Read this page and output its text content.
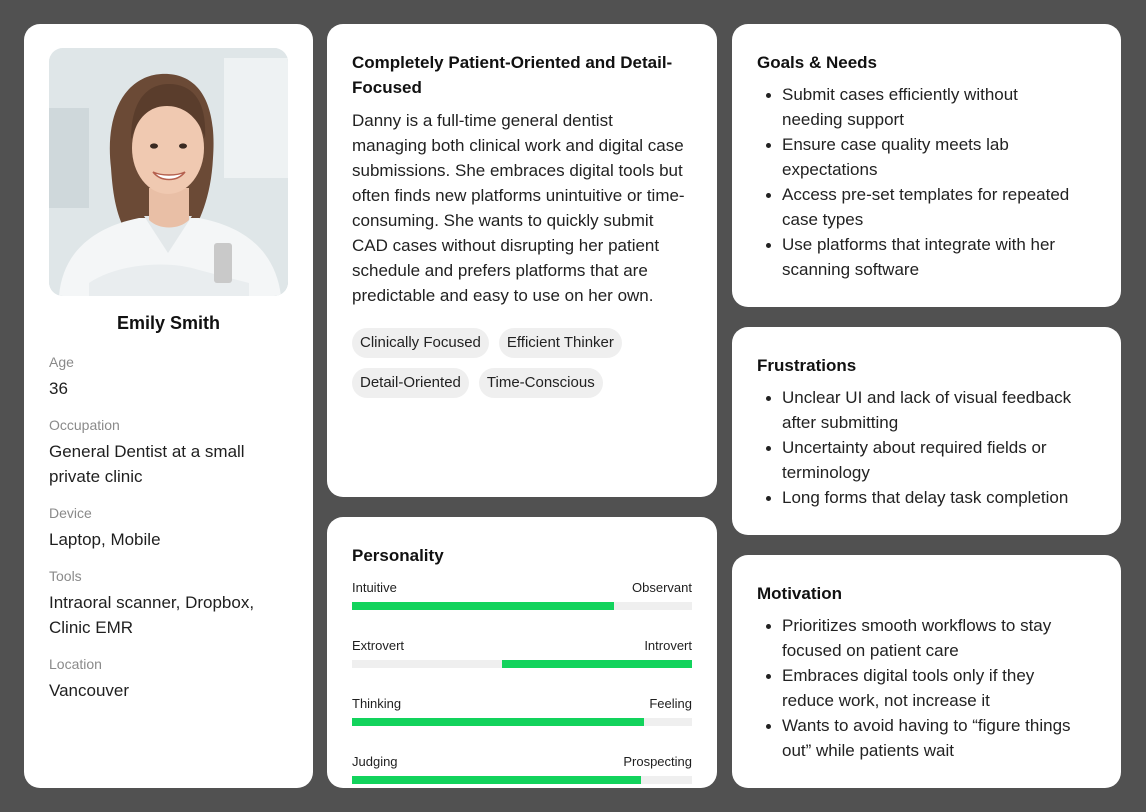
Emily Smith
Age
36
Occupation
General Dentist at a small private clinic
Device
Laptop, Mobile
Tools
Intraoral scanner, Dropbox, Clinic EMR
Location
Vancouver
Completely Patient-Oriented and Detail-Focused
Danny is a full-time general dentist managing both clinical work and digital case submissions. She embraces digital tools but often finds new platforms unintuitive or time-consuming. She wants to quickly submit CAD cases without disrupting her patient schedule and prefers platforms that are predictable and easy to use on her own.
Clinically Focused	Efficient Thinker
Detail-Oriented	Time-Conscious
Personality
Intuitive	Observant
Extrovert	Introvert
Thinking	Feeling
Judging	Prospecting
Goals & Needs
Submit cases efficiently without needing support
Ensure case quality meets lab expectations
Access pre-set templates for repeated case types
Use platforms that integrate with her scanning software
Frustrations
Unclear UI and lack of visual feedback after submitting
Uncertainty about required fields or terminology
Long forms that delay task completion
Motivation
Prioritizes smooth workflows to stay focused on patient care
Embraces digital tools only if they reduce work, not increase it
Wants to avoid having to “figure things out” while patients wait
